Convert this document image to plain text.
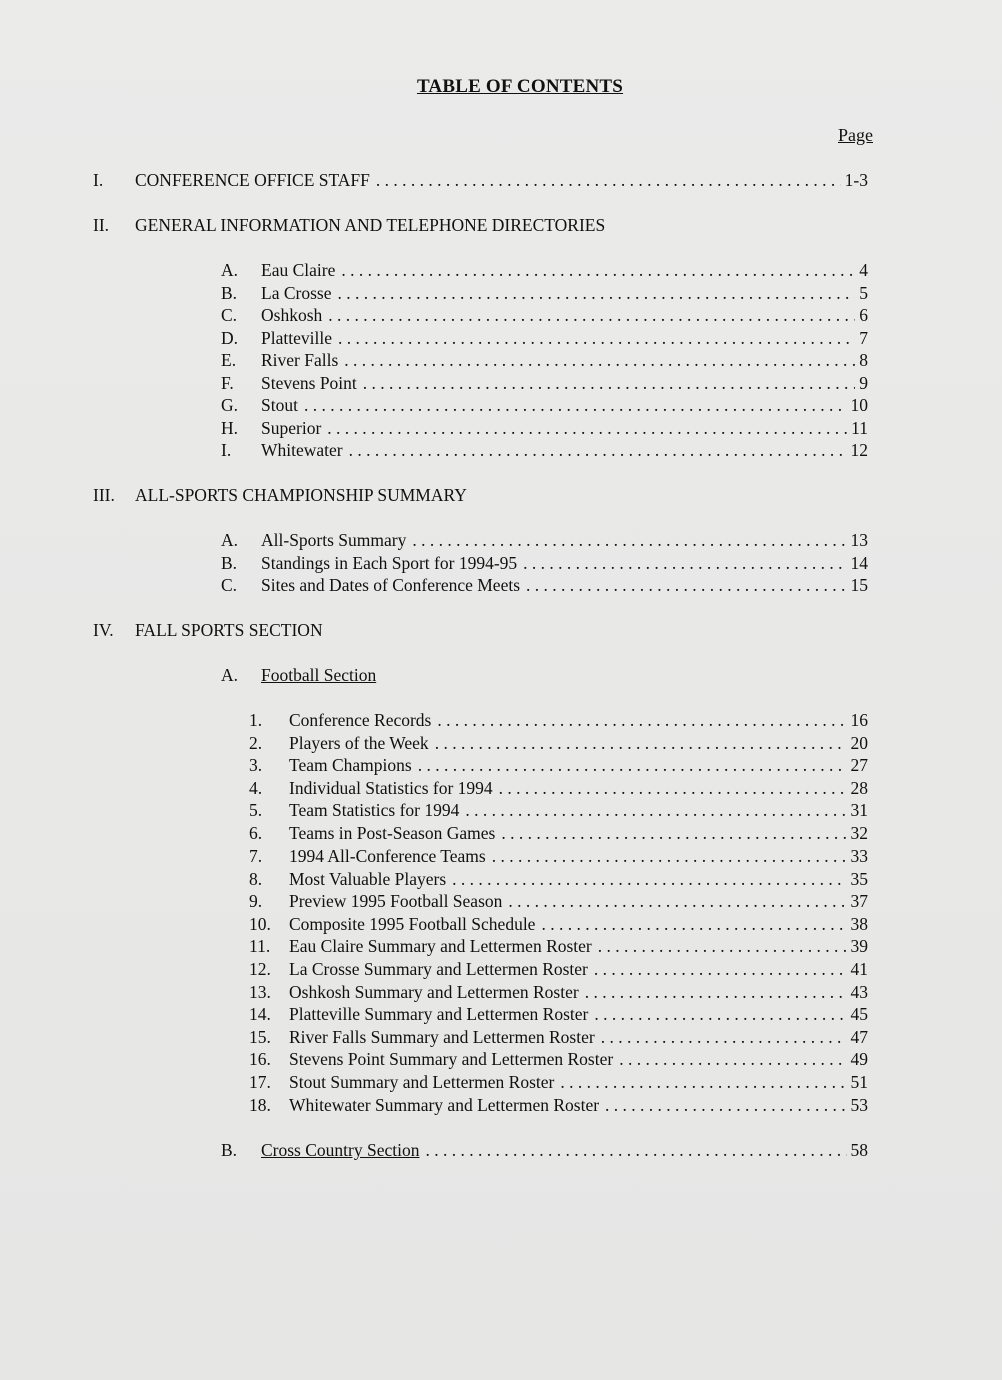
TABLE OF CONTENTS
Page
I.	CONFERENCE OFFICE STAFF . . .	1-3
II.	GENERAL INFORMATION AND TELEPHONE DIRECTORIES
A.	Eau Claire . . .	4
B.	La Crosse . . .	5
C.	Oshkosh . . .	6
D.	Platteville . . .	7
E.	River Falls . . .	8
F.	Stevens Point . . .	9
G.	Stout . . .	10
H.	Superior . . .	11
I.	Whitewater . . .	12
III.	ALL-SPORTS CHAMPIONSHIP SUMMARY
A.	All-Sports Summary . . .	13
B.	Standings in Each Sport for 1994-95 . . .	14
C.	Sites and Dates of Conference Meets . . .	15
IV.	FALL SPORTS SECTION
A.	Football Section
1.	Conference Records . . .	16
2.	Players of the Week . . .	20
3.	Team Champions . . .	27
4.	Individual Statistics for 1994 . . .	28
5.	Team Statistics for 1994 . . .	31
6.	Teams in Post-Season Games . . .	32
7.	1994 All-Conference Teams . . .	33
8.	Most Valuable Players . . .	35
9.	Preview 1995 Football Season . . .	37
10.	Composite 1995 Football Schedule . . .	38
11.	Eau Claire Summary and Lettermen Roster . . .	39
12.	La Crosse Summary and Lettermen Roster . . .	41
13.	Oshkosh Summary and Lettermen Roster . . .	43
14.	Platteville Summary and Lettermen Roster . . .	45
15.	River Falls Summary and Lettermen Roster . . .	47
16.	Stevens Point Summary and Lettermen Roster . . .	49
17.	Stout Summary and Lettermen Roster . . .	51
18.	Whitewater Summary and Lettermen Roster . . .	53
B.	Cross Country Section . . .	58
